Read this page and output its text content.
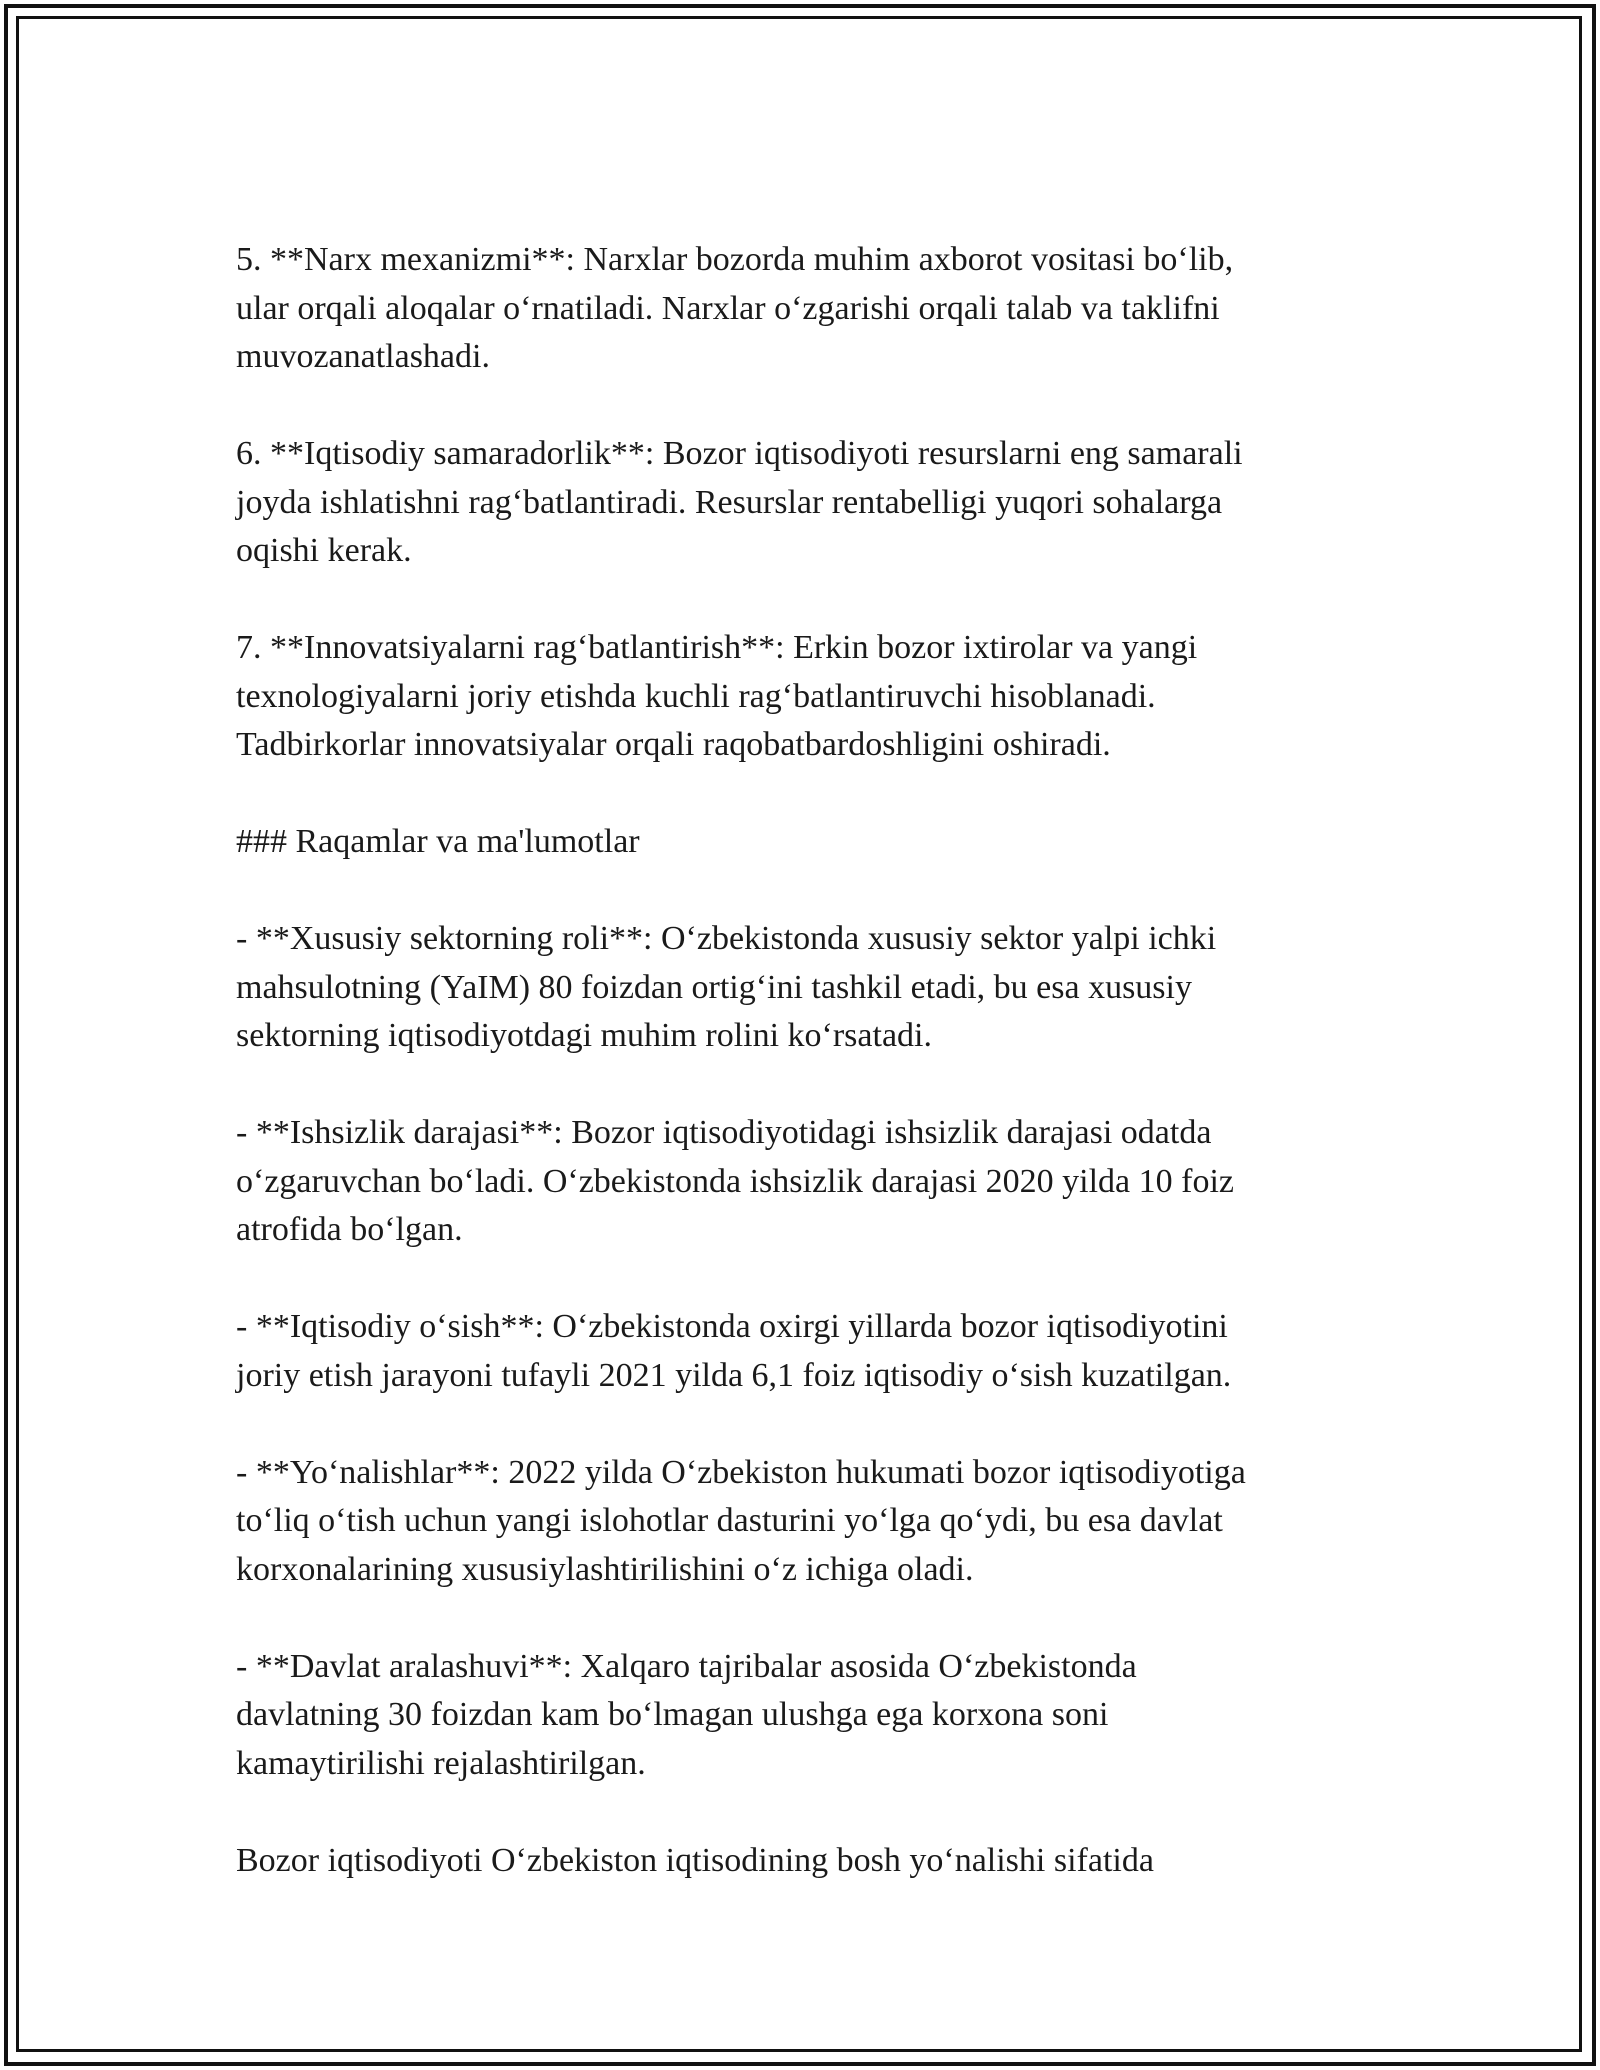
5. **Narx mexanizmi**: Narxlar bozorda muhim axborot vositasi bo‘lib,
ular orqali aloqalar o‘rnatiladi. Narxlar o‘zgarishi orqali talab va taklifni
muvozanatlashadi.
6. **Iqtisodiy samaradorlik**: Bozor iqtisodiyoti resurslarni eng samarali
joyda ishlatishni rag‘batlantiradi. Resurslar rentabelligi yuqori sohalarga
oqishi kerak.
7. **Innovatsiyalarni rag‘batlantirish**: Erkin bozor ixtirolar va yangi
texnologiyalarni joriy etishda kuchli rag‘batlantiruvchi hisoblanadi.
Tadbirkorlar innovatsiyalar orqali raqobatbardoshligini oshiradi.
### Raqamlar va ma'lumotlar
- **Xususiy sektorning roli**: O‘zbekistonda xususiy sektor yalpi ichki
mahsulotning (YaIM) 80 foizdan ortig‘ini tashkil etadi, bu esa xususiy
sektorning iqtisodiyotdagi muhim rolini ko‘rsatadi.
- **Ishsizlik darajasi**: Bozor iqtisodiyotidagi ishsizlik darajasi odatda
o‘zgaruvchan bo‘ladi. O‘zbekistonda ishsizlik darajasi 2020 yilda 10 foiz
atrofida bo‘lgan.
- **Iqtisodiy o‘sish**: O‘zbekistonda oxirgi yillarda bozor iqtisodiyotini
joriy etish jarayoni tufayli 2021 yilda 6,1 foiz iqtisodiy o‘sish kuzatilgan.
- **Yo‘nalishlar**: 2022 yilda O‘zbekiston hukumati bozor iqtisodiyotiga
to‘liq o‘tish uchun yangi islohotlar dasturini yo‘lga qo‘ydi, bu esa davlat
korxonalarining xususiylashtirilishini o‘z ichiga oladi.
- **Davlat aralashuvi**: Xalqaro tajribalar asosida O‘zbekistonda
davlatning 30 foizdan kam bo‘lmagan ulushga ega korxona soni
kamaytirilishi rejalashtirilgan.
Bozor iqtisodiyoti O‘zbekiston iqtisodining bosh yo‘nalishi sifatida
